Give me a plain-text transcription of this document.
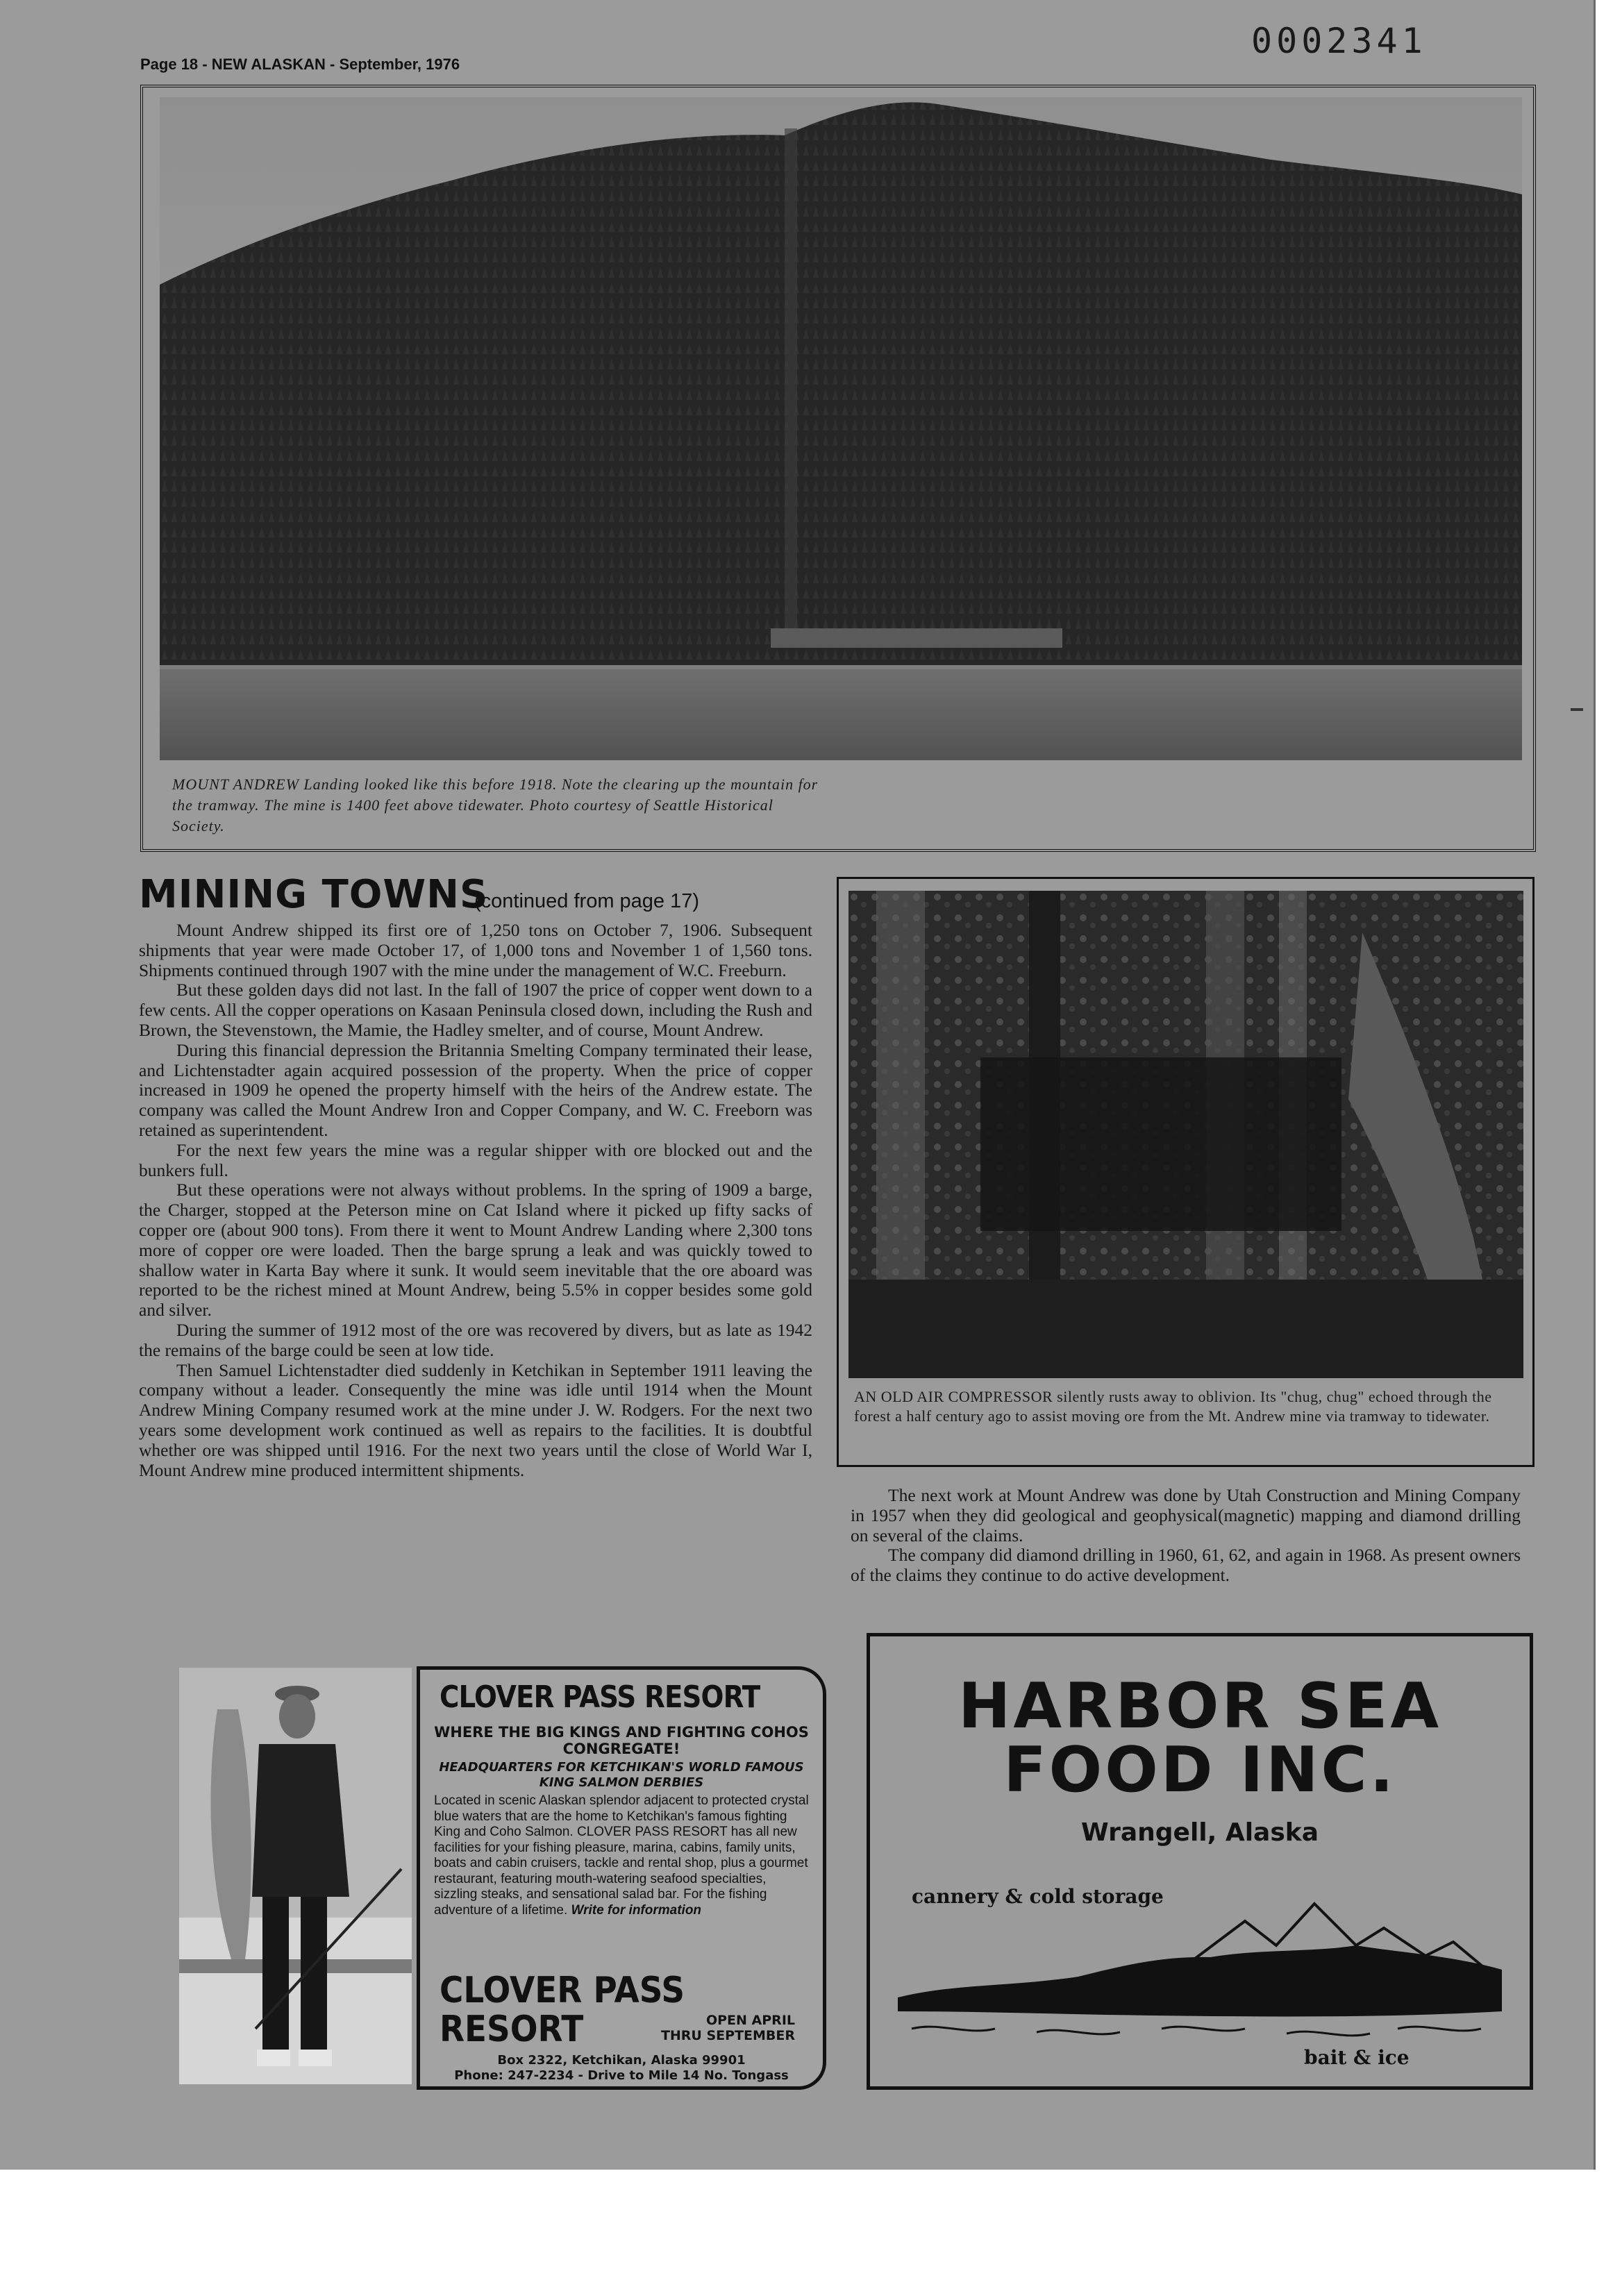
0002341
Page 18 - NEW ALASKAN - September, 1976
MOUNT ANDREW Landing looked like this before 1918. Note the clearing up the mountain for the tramway. The mine is 1400 feet above tidewater. Photo courtesy of Seattle Historical Society.
MINING TOWNS
(continued from page 17)

Mount Andrew shipped its first ore of 1,250 tons on October 7, 1906. Subsequent shipments that year were made October 17, of 1,000 tons and November 1 of 1,560 tons. Shipments continued through 1907 with the mine under the management of W.C. Freeburn.

But these golden days did not last. In the fall of 1907 the price of copper went down to a few cents. All the copper operations on Kasaan Peninsula closed down, including the Rush and Brown, the Stevenstown, the Mamie, the Hadley smelter, and of course, Mount Andrew.

During this financial depression the Britannia Smelting Company terminated their lease, and Lichtenstadter again acquired possession of the property. When the price of copper increased in 1909 he opened the property himself with the heirs of the Andrew estate. The company was called the Mount Andrew Iron and Copper Company, and W. C. Freeborn was retained as superintendent.

For the next few years the mine was a regular shipper with ore blocked out and the bunkers full.

But these operations were not always without problems. In the spring of 1909 a barge, the Charger, stopped at the Peterson mine on Cat Island where it picked up fifty sacks of copper ore (about 900 tons). From there it went to Mount Andrew Landing where 2,300 tons more of copper ore were loaded. Then the barge sprung a leak and was quickly towed to shallow water in Karta Bay where it sunk. It would seem inevitable that the ore aboard was reported to be the richest mined at Mount Andrew, being 5.5% in copper besides some gold and silver.

During the summer of 1912 most of the ore was recovered by divers, but as late as 1942 the remains of the barge could be seen at low tide.

Then Samuel Lichtenstadter died suddenly in Ketchikan in September 1911 leaving the company without a leader. Consequently the mine was idle until 1914 when the Mount Andrew Mining Company resumed work at the mine under J. W. Rodgers. For the next two years some development work continued as well as repairs to the facilities. It is doubtful whether ore was shipped until 1916. For the next two years until the close of World War I, Mount Andrew mine produced intermittent shipments.

AN OLD AIR COMPRESSOR silently rusts away to oblivion. Its "chug, chug" echoed through the forest a half century ago to assist moving ore from the Mt. Andrew mine via tramway to tidewater.

The next work at Mount Andrew was done by Utah Construction and Mining Company in 1957 when they did geological and geophysical(magnetic) mapping and diamond drilling on several of the claims.

The company did diamond drilling in 1960, 61, 62, and again in 1968. As present owners of the claims they continue to do active development.

CLOVER PASS RESORT
WHERE THE BIG KINGS AND FIGHTING COHOS CONGREGATE!
HEADQUARTERS FOR KETCHIKAN'S WORLD FAMOUS KING SALMON DERBIES
Located in scenic Alaskan splendor adjacent to protected crystal blue waters that are the home to Ketchikan's famous fighting King and Coho Salmon. CLOVER PASS RESORT has all new facilities for your fishing pleasure, marina, cabins, family units, boats and cabin cruisers, tackle and rental shop, plus a gourmet restaurant, featuring mouth-watering seafood specialties, sizzling steaks, and sensational salad bar. For the fishing adventure of a lifetime. Write for information
CLOVER PASS
RESORT	OPEN APRIL
THRU SEPTEMBER
Box 2322, Ketchikan, Alaska 99901
Phone: 247-2234 - Drive to Mile 14 No. Tongass
HARBOR SEA
FOOD INC.
Wrangell, Alaska
cannery & cold storage
bait & ice
